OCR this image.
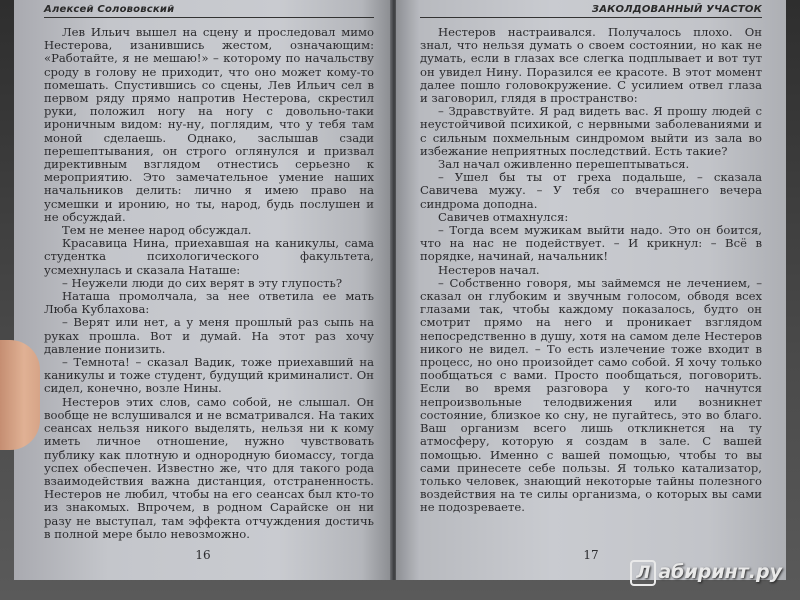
Алексей Солововский

Лев Ильич вышел на сцену и проследовал мимо Нестерова, изанившись жестом, означающим: «Работайте, я не мешаю!» – которому по начальству сроду в голову не приходит, что оно может кому-то помешать. Спустившись со сцены, Лев Ильич сел в первом ряду прямо напротив Нестерова, скрестил руки, положил ногу на ногу с довольно-таки ироничным видом: ну-ну, поглядим, что у тебя там моной сделаешь. Однако, заслышав сзади перешептывания, он строго оглянулся и призвал директивным взглядом отнестись серьезно к мероприятию. Это замечательное умение наших начальников делить: личнo я имею право на усмешки и иронию, но ты, народ, будь послушен и не обсуждай.

Тем не менее народ обсуждал.

Красавица Нина, приехавшая на каникулы, сама студентка психологического факультета, усмехнулась и сказала Наташе:

– Неужели люди до сих верят в эту глупость?

Наташа промолчала, за нее ответила ее мать Люба Кублахова:

– Верят или нет, а у меня прошлый раз сыпь на руках прошла. Вот и думай. На этот раз хочу давление понизить.

– Темнота! – сказал Вадик, тоже приехавший на каникулы и тоже студент, будущий криминалист. Он сидел, конечно, возле Нины.

Нестеров этих слов, само собой, не слышал. Он вообще не вслушивался и не всматривался. На таких сеансах нельзя никого выделять, нельзя ни к кому иметь личное отношение, нужно чувствовать публику как плотную и однородную биомассу, тогда успех обеспечен. Известно же, что для такого рода взаимодействия важна дистанция, отстраненность. Нестеров не любил, чтобы на его сеансах был кто-то из знакомых. Впрочем, в родном Сарайске он ни разу не выступал, там эффекта отчуждения достичь в полной мере было невозможно.

16
ЗАКОЛДОВАННЫЙ УЧАСТОК

Нестеров настраивался. Получалось плохо. Он знал, что нельзя думать о своем состоянии, но как не думать, если в глазах все слегка подплывает и вот тут он увидел Нину. Поразился ее красоте. В этот момент далее пошло головокружение. С усилием отвел глаза и заговорил, глядя в пространство:

– Здравствуйте. Я рад видеть вас. Я прошу людей с неустойчивой психикой, с нервными заболеваниями и с сильным похмельным синдромом выйти из зала во избежание неприятных последствий. Есть такие?

Зал начал оживленно перешептываться.

– Ушел бы ты от греха подальше, – сказала Савичева мужу. – У тебя со вчерашнего вечера синдрома доподна.

Савичев отмахнулся:

– Тогда всем мужикам выйти надо. Это он боится, что на нас не подействует. – И крикнул: – Всё в порядке, начинай, начальник!

Нестеров начал.

– Собственно говоря, мы займемся не лечением, – сказал он глубоким и звучным голосом, обводя всех глазами так, чтобы каждому показалось, будто он смотрит прямо на него и проникает взглядом непосредственно в душу, хотя на самом деле Нестеров никого не видел. – То есть излечение тоже входит в процесс, но оно произойдет само собой. Я хочу только пообщаться с вами. Просто пообщаться, поговорить. Если во время разговора у кого-то начнутся непроизвольные телодвижения или возникнет состояние, близкое ко сну, не пугайтесь, это во благо. Ваш организм всего лишь откликнется на ту атмосферу, которую я создам в зале. С вашей помощью. Именно с вашей помощью, чтобы то вы сами принесете себе пользы. Я только катализатор, только человек, знающий некоторые тайны полезного воздействия на те силы организма, о которых вы сами не подозреваете.

17
Л абиринт.ру
